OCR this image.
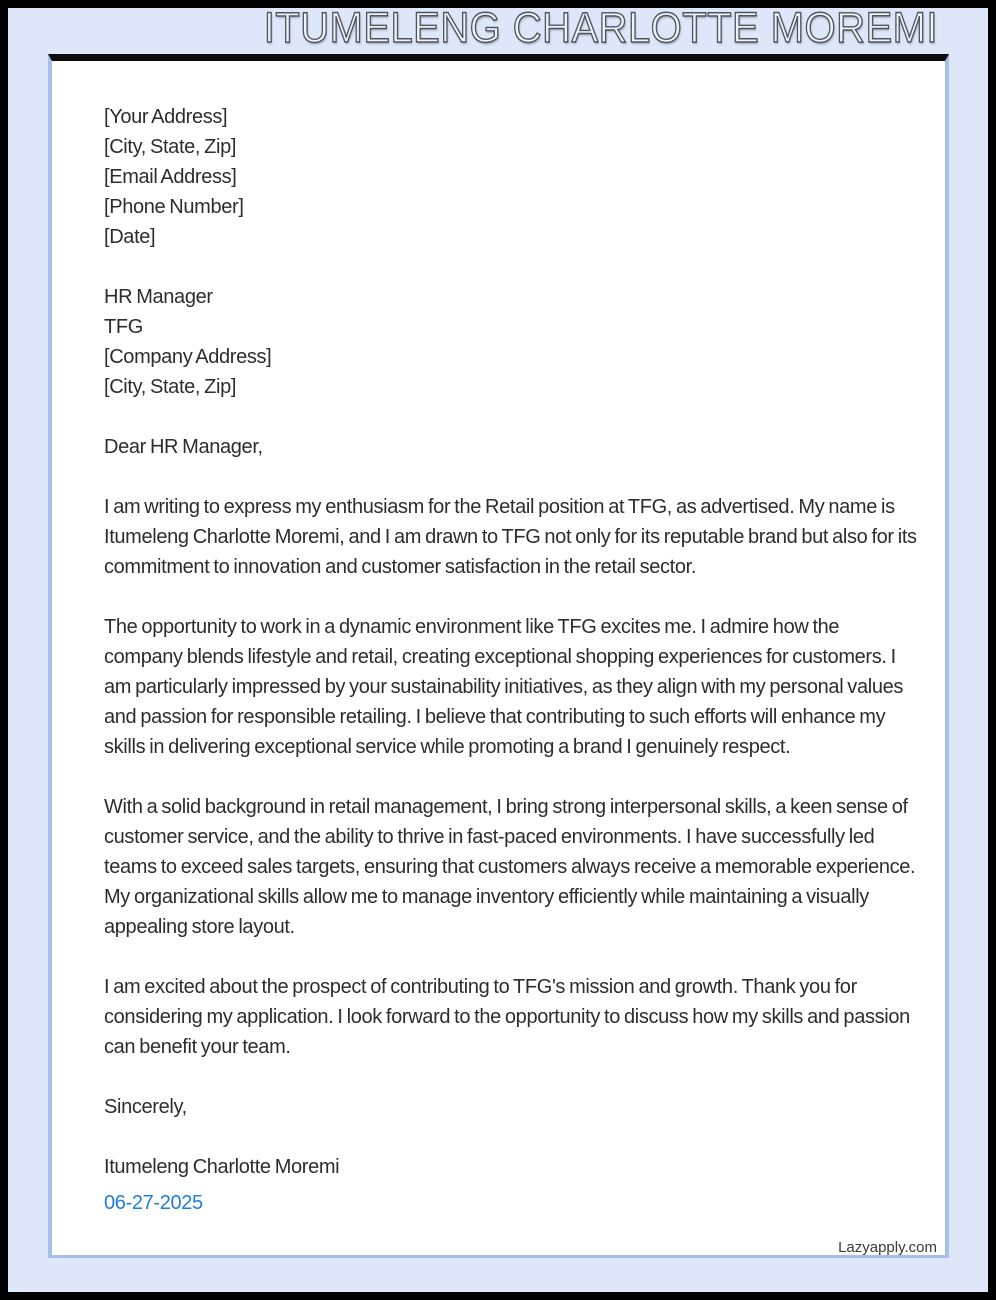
ITUMELENG CHARLOTTE MOREMI
[Your Address]
[City, State, Zip]
[Email Address]
[Phone Number]
[Date]
HR Manager
TFG
[Company Address]
[City, State, Zip]
Dear HR Manager,

I am writing to express my enthusiasm for the Retail position at TFG, as advertised. My name is Itumeleng Charlotte Moremi, and I am drawn to TFG not only for its reputable brand but also for its commitment to innovation and customer satisfaction in the retail sector.

The opportunity to work in a dynamic environment like TFG excites me. I admire how the company blends lifestyle and retail, creating exceptional shopping experiences for customers. I am particularly impressed by your sustainability initiatives, as they align with my personal values and passion for responsible retailing. I believe that contributing to such efforts will enhance my skills in delivering exceptional service while promoting a brand I genuinely respect.

With a solid background in retail management, I bring strong interpersonal skills, a keen sense of customer service, and the ability to thrive in fast-paced environments. I have successfully led teams to exceed sales targets, ensuring that customers always receive a memorable experience. My organizational skills allow me to manage inventory efficiently while maintaining a visually appealing store layout.

I am excited about the prospect of contributing to TFG's mission and growth. Thank you for considering my application. I look forward to the opportunity to discuss how my skills and passion can benefit your team.

Sincerely,
Itumeleng Charlotte Moremi
06-27-2025
Lazyapply.com
